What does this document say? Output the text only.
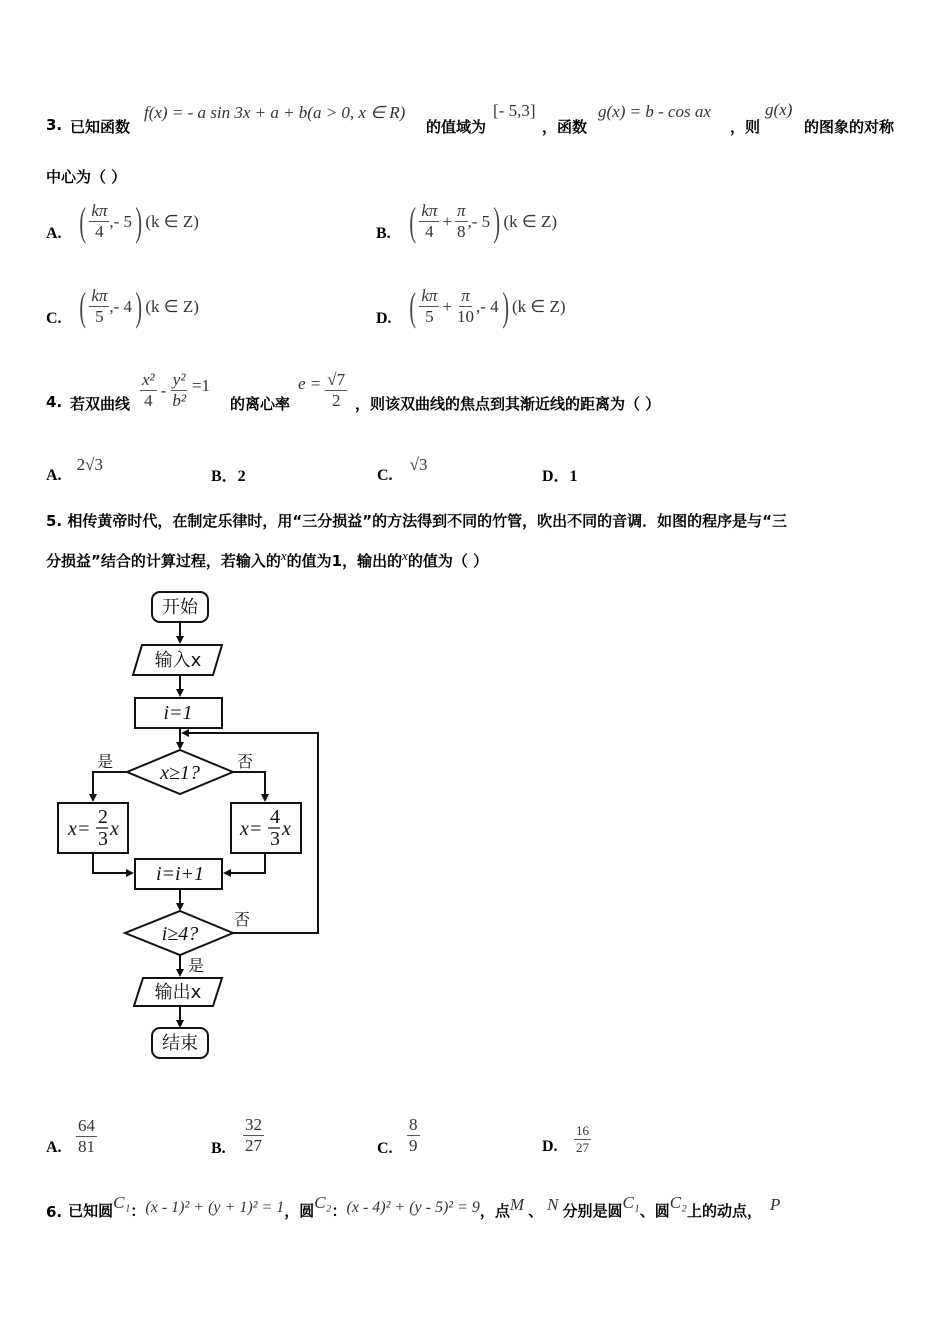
3. 已知函数
f(x) = - a sin 3x + a + b(a > 0, x ∈ R)
的值域为
[- 5,3]
，函数
g(x) = b - cos ax
，则
g(x)
的图象的对称
中心为（ ）
A. ( $\frac{k\pi}{4}$ ,- 5 ) (k ∈ Z)
B. ( $\frac{k\pi}{4} + \frac{\pi}{8}$ ,- 5 ) (k ∈ Z)
C. ( $\frac{k\pi}{5}$ ,- 4 ) (k ∈ Z)
D. ( $\frac{k\pi}{5} + \frac{\pi}{10}$ ,- 4 ) (k ∈ Z)
4. 若双曲线 $\frac{\text{x²}}{4} - \frac{\text{y²}}{\text{b²}} =1$
的离心率
$e = \frac{√7}{2}$ ，则该双曲线的焦点到其渐近线的距离为（ ）
A. 2√3
B．2	C. √3
D．1
5. 相传黄帝时代，在制定乐律时，用“三分损益”的方法得到不同的竹管，吹出不同的音调．如图的程序是与“三
分损益”结合的计算过程，若输入的$^x$的值为1，输出的$^x$的值为（ ）
开始
输入x
i=1
x≥1?
是	否
i=i+1
i≥4?
否
是
输出x
结束
x=
2
3 x	x=
4
3 x
A. $\frac{64}{81}$	B.	$\frac{32}{27}$	C. $\frac{8}{9}$	D.	$\frac{16}{27}$
6. 已知圆 C₁ ： (x - 1)² + (y + 1)² = 1 ，圆 C₂ ： (x - 4)² + (y - 5)² = 9 ，点 M 、 N 分别是圆 C₁ 、圆 C₂ 上的动点， P
